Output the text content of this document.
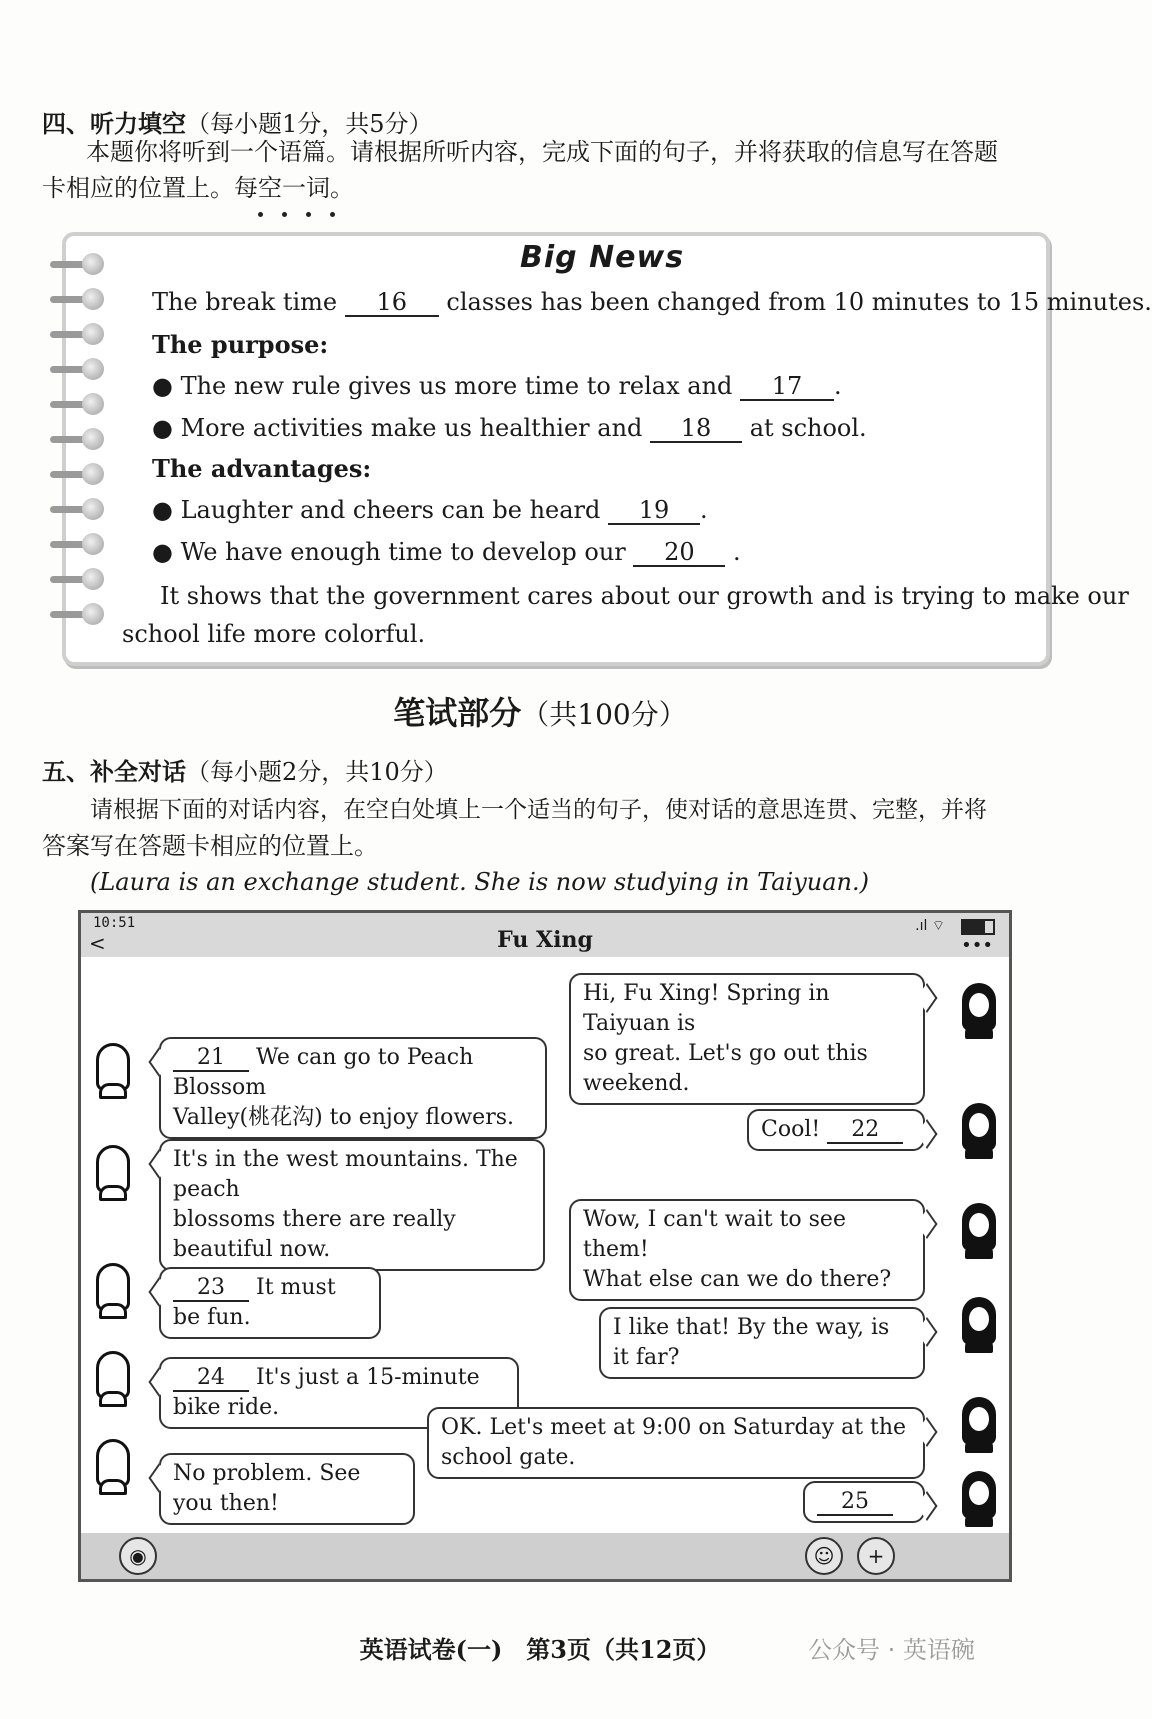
四、听力填空（每小题1分，共5分）
本题你将听到一个语篇。请根据所听内容，完成下面的句子，并将获取的信息写在答题
卡相应的位置上。每空一词。
Big News
The break time 16 classes has been changed from 10 minutes to 15 minutes.
The purpose:
● The new rule gives us more time to relax and 17 .
● More activities make us healthier and 18 at school.
The advantages:
● Laughter and cheers can be heard 19 .
● We have enough time to develop our 20 .
It shows that the government cares about our growth and is trying to make our
school life more colorful.
笔试部分（共100分）
五、补全对话（每小题2分，共10分）
请根据下面的对话内容，在空白处填上一个适当的句子，使对话的意思连贯、完整，并将
答案写在答题卡相应的位置上。
(Laura is an exchange student. She is now studying in Taiyuan.)
10:51
<	Fu Xing
.ıl ⌔
•••
Hi, Fu Xing! Spring in Taiyuan is
so great. Let's go out this weekend.
21 We can go to Peach Blossom
Valley(桃花沟) to enjoy flowers.	Cool! 22
It's in the west mountains. The peach
blossoms there are really beautiful now.
Wow, I can't wait to see them!
What else can we do there?
23 It must be fun.	I like that! By the way, is it far?
24 It's just a 15-minute bike ride.
OK. Let's meet at 9:00 on Saturday at the school gate.
No problem. See you then!	25
◉	☺	+
英语试卷(一)　第3页（共12页）	公众号 · 英语碗
